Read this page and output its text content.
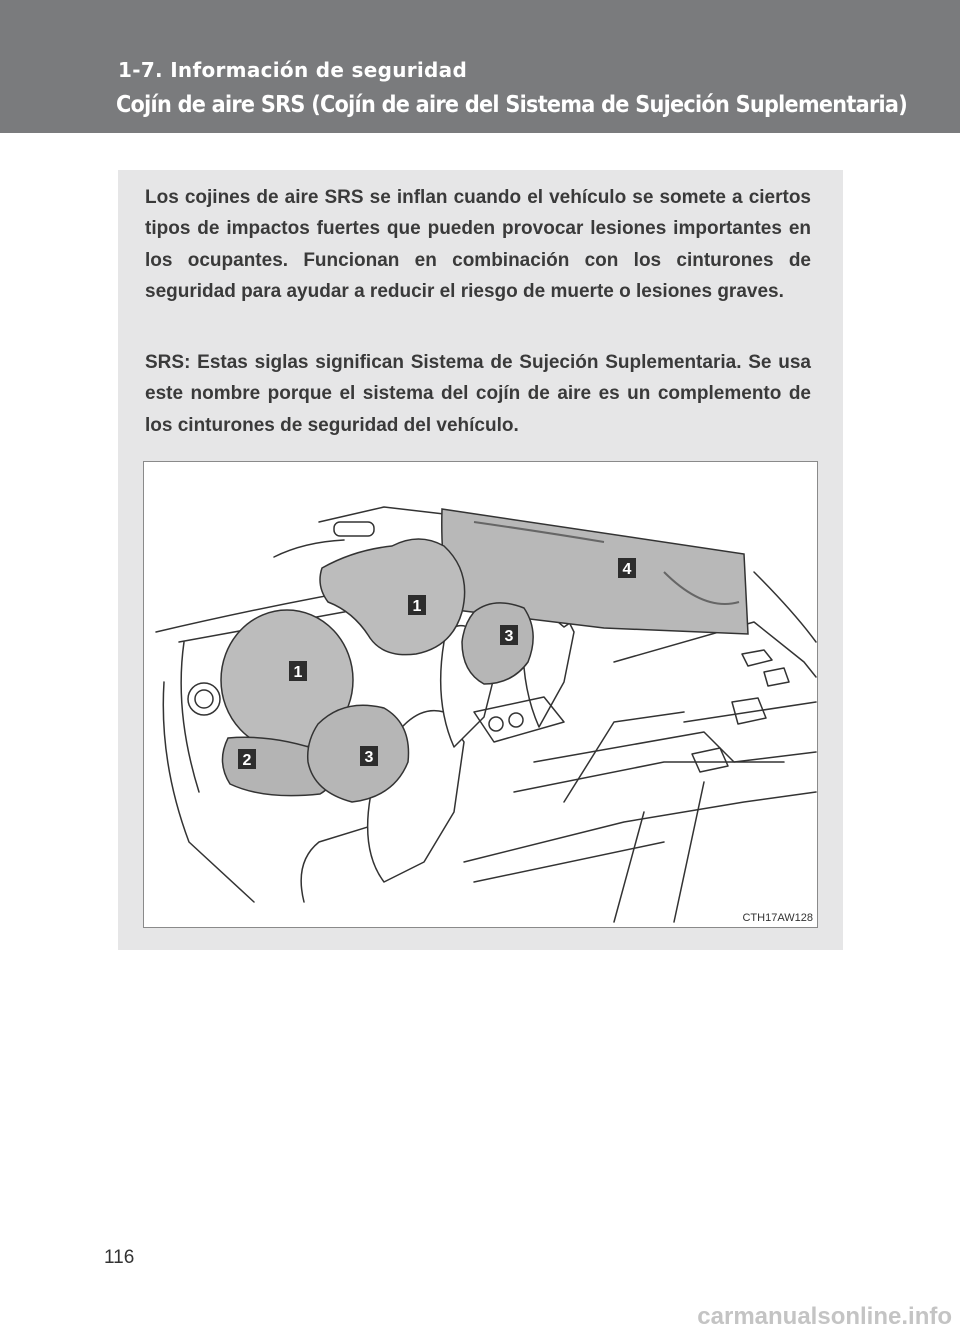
1-7. Información de seguridad
Cojín de aire SRS (Cojín de aire del Sistema de Sujeción Suplementaria)

Los cojines de aire SRS se inflan cuando el vehículo se somete a ciertos tipos de impactos fuertes que pueden provocar lesiones importantes en los ocupantes. Funcionan en combinación con los cinturones de seguridad para ayudar a reducir el riesgo de muerte o lesiones graves.

SRS: Estas siglas significan Sistema de Sujeción Suplementaria. Se usa este nombre porque el sistema del cojín de aire es un complemento de los cinturones de seguridad del vehículo.

1
1
2	3
3
4
CTH17AW128
116
carmanualsonline.info
